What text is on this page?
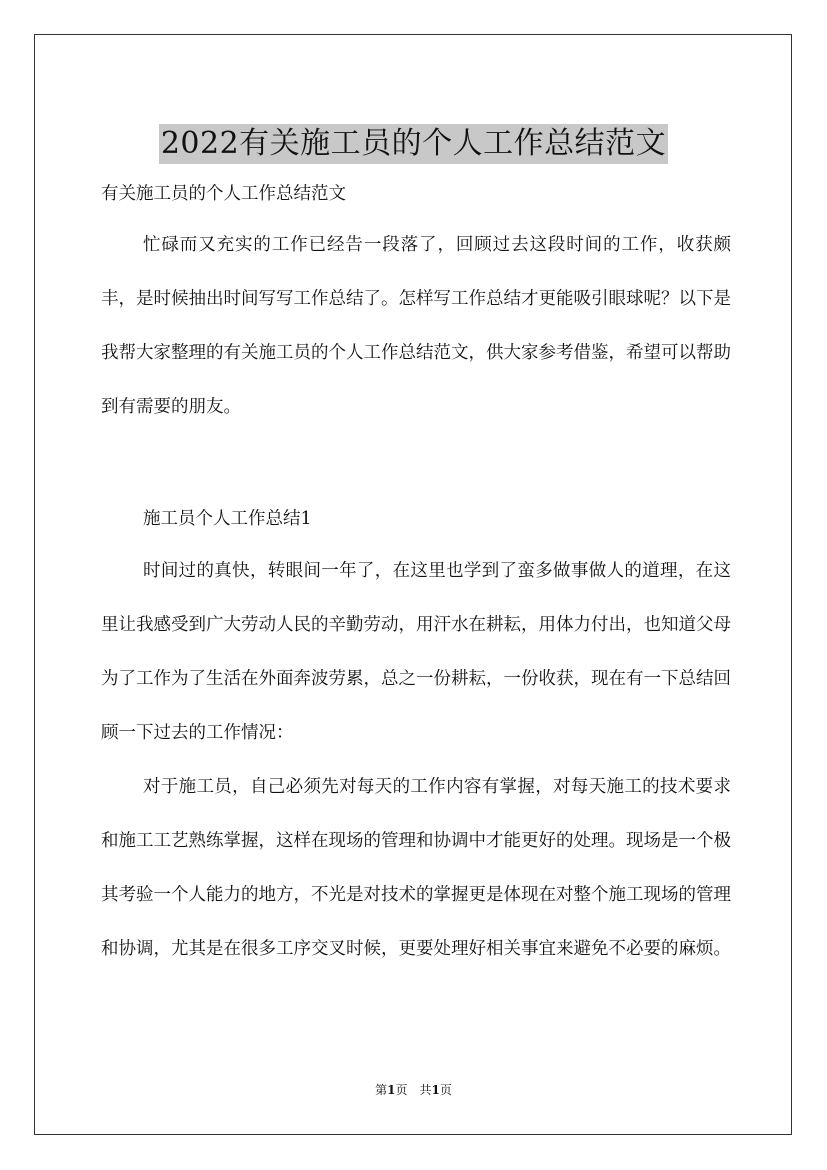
2022有关施工员的个人工作总结范文
有关施工员的个人工作总结范文

忙碌而又充实的工作已经告一段落了，回顾过去这段时间的工作，收获颇丰，是时候抽出时间写写工作总结了。怎样写工作总结才更能吸引眼球呢？以下是我帮大家整理的有关施工员的个人工作总结范文，供大家参考借鉴，希望可以帮助到有需要的朋友。

施工员个人工作总结1

时间过的真快，转眼间一年了，在这里也学到了蛮多做事做人的道理，在这里让我感受到广大劳动人民的辛勤劳动，用汗水在耕耘，用体力付出，也知道父母为了工作为了生活在外面奔波劳累，总之一份耕耘，一份收获，现在有一下总结回顾一下过去的工作情况：

对于施工员，自己必须先对每天的工作内容有掌握，对每天施工的技术要求和施工工艺熟练掌握，这样在现场的管理和协调中才能更好的处理。现场是一个极其考验一个人能力的地方，不光是对技术的掌握更是体现在对整个施工现场的管理和协调，尤其是在很多工序交叉时候，更要处理好相关事宜来避免不必要的麻烦。

第1页　共1页
